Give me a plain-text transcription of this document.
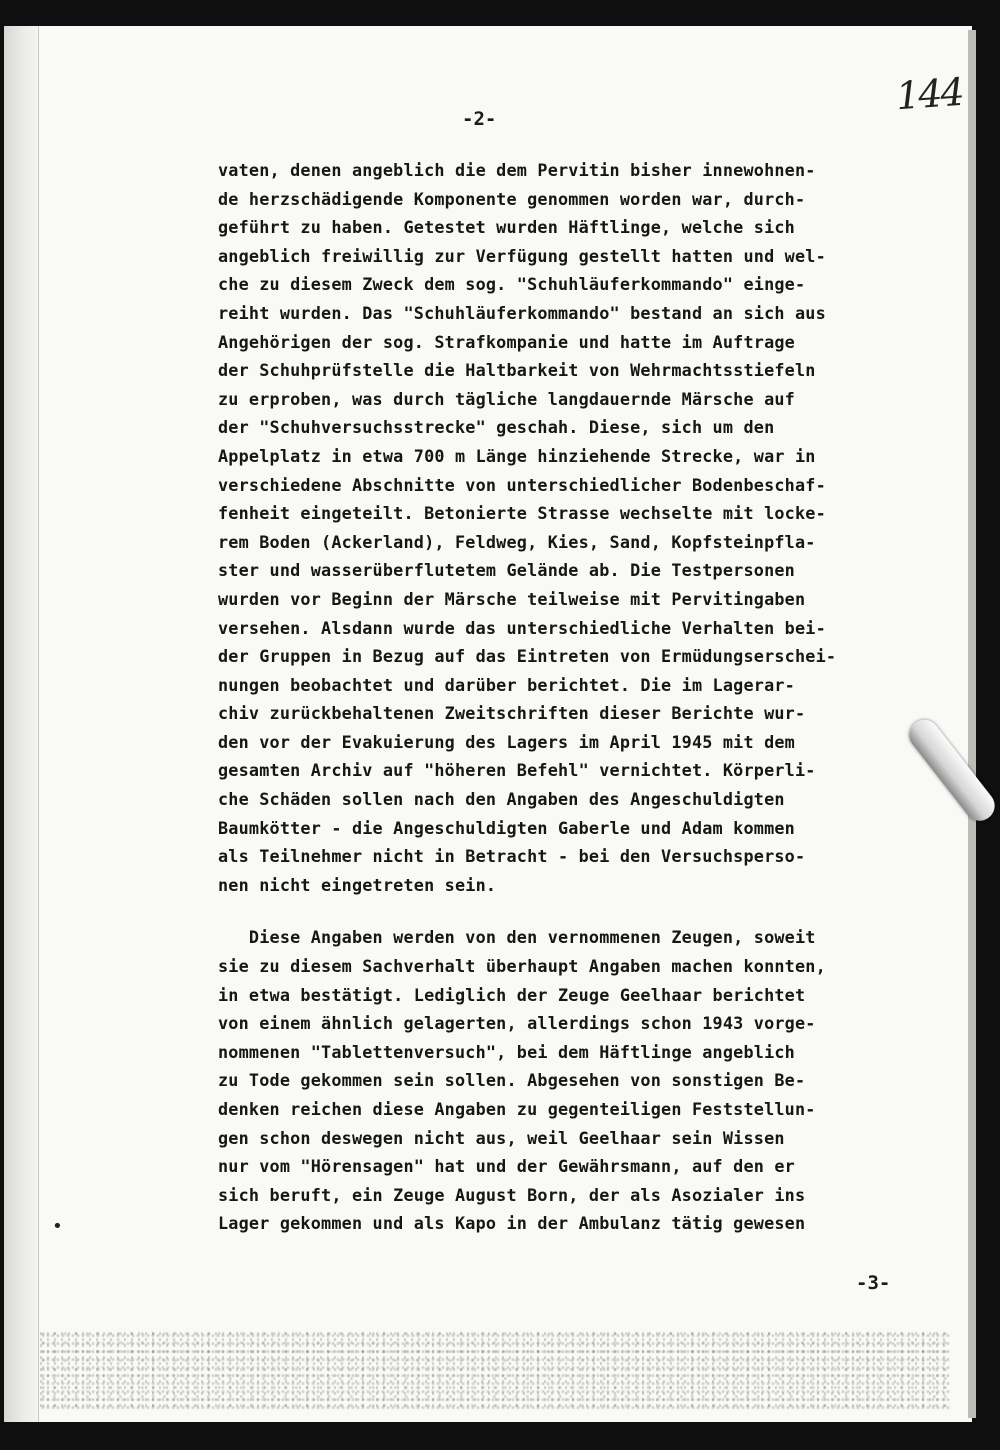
144
-2-
vaten, denen angeblich die dem Pervitin bisher innewohnen-
de herzschädigende Komponente genommen worden war, durch-
geführt zu haben. Getestet wurden Häftlinge, welche sich
angeblich freiwillig zur Verfügung gestellt hatten und wel-
che zu diesem Zweck dem sog. "Schuhläuferkommando" einge-
reiht wurden. Das "Schuhläuferkommando" bestand an sich aus
Angehörigen der sog. Strafkompanie und hatte im Auftrage
der Schuhprüfstelle die Haltbarkeit von Wehrmachtsstiefeln
zu erproben, was durch tägliche langdauernde Märsche auf
der "Schuhversuchsstrecke" geschah. Diese, sich um den
Appelplatz in etwa 700 m Länge hinziehende Strecke, war in
verschiedene Abschnitte von unterschiedlicher Bodenbeschaf-
fenheit eingeteilt. Betonierte Strasse wechselte mit locke-
rem Boden (Ackerland), Feldweg, Kies, Sand, Kopfsteinpfla-
ster und wasserüberflutetem Gelände ab. Die Testpersonen
wurden vor Beginn der Märsche teilweise mit Pervitingaben
versehen. Alsdann wurde das unterschiedliche Verhalten bei-
der Gruppen in Bezug auf das Eintreten von Ermüdungserschei-
nungen beobachtet und darüber berichtet. Die im Lagerar-
chiv zurückbehaltenen Zweitschriften dieser Berichte wur-
den vor der Evakuierung des Lagers im April 1945 mit dem
gesamten Archiv auf "höheren Befehl" vernichtet. Körperli-
che Schäden sollen nach den Angaben des Angeschuldigten
Baumkötter - die Angeschuldigten Gaberle und Adam kommen
als Teilnehmer nicht in Betracht - bei den Versuchsperso-
nen nicht eingetreten sein.
Diese Angaben werden von den vernommenen Zeugen, soweit
sie zu diesem Sachverhalt überhaupt Angaben machen konnten,
in etwa bestätigt. Lediglich der Zeuge Geelhaar berichtet
von einem ähnlich gelagerten, allerdings schon 1943 vorge-
nommenen "Tablettenversuch", bei dem Häftlinge angeblich
zu Tode gekommen sein sollen. Abgesehen von sonstigen Be-
denken reichen diese Angaben zu gegenteiligen Feststellun-
gen schon deswegen nicht aus, weil Geelhaar sein Wissen
nur vom "Hörensagen" hat und der Gewährsmann, auf den er
sich beruft, ein Zeuge August Born, der als Asozialer ins
Lager gekommen und als Kapo in der Ambulanz tätig gewesen
•
-3-
